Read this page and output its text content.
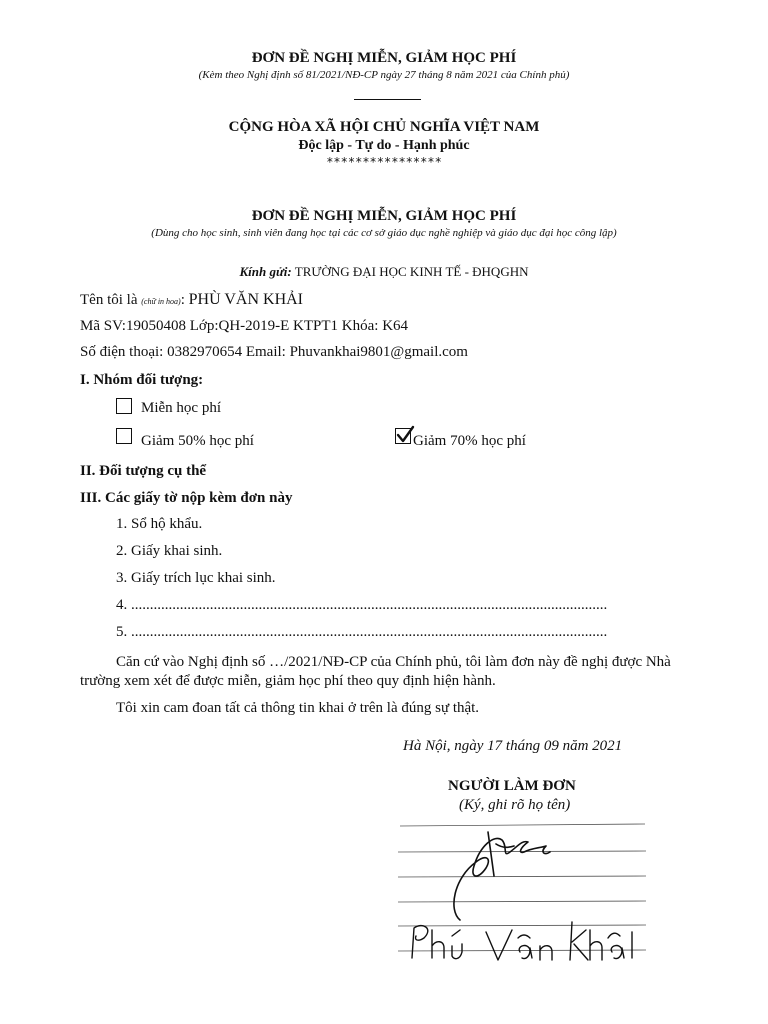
ĐƠN ĐỀ NGHỊ MIỄN, GIẢM HỌC PHÍ
(Kèm theo Nghị định số 81/2021/NĐ-CP ngày 27 tháng 8 năm 2021 của Chính phủ)
CỘNG HÒA XÃ HỘI CHỦ NGHĨA VIỆT NAM
Độc lập - Tự do - Hạnh phúc
****************
ĐƠN ĐỀ NGHỊ MIỄN, GIẢM HỌC PHÍ
(Dùng cho học sinh, sinh viên đang học tại các cơ sở giáo dục nghề nghiệp và giáo dục đại học công lập)
Kính gửi: TRƯỜNG ĐẠI HỌC KINH TẾ - ĐHQGHN
Tên tôi là (chữ in hoa): PHÙ VĂN KHẢI
Mã SV:19050408 Lớp:QH-2019-E KTPT1 Khóa: K64
Số điện thoại: 0382970654 Email: Phuvankhai9801@gmail.com
I. Nhóm đối tượng:
Miễn học phí
Giảm 50% học phí	Giảm 70% học phí
II. Đối tượng cụ thể
III. Các giấy tờ nộp kèm đơn này
1. Sổ hộ khẩu.
2. Giấy khai sinh.
3. Giấy trích lục khai sinh.
4. ...............................................................................................................................
5. ...............................................................................................................................
Căn cứ vào Nghị định số …/2021/NĐ-CP của Chính phủ, tôi làm đơn này đề nghị được Nhà trường xem xét để được miễn, giảm học phí theo quy định hiện hành.
Tôi xin cam đoan tất cả thông tin khai ở trên là đúng sự thật.
Hà Nội, ngày 17 tháng 09 năm 2021
NGƯỜI LÀM ĐƠN
(Ký, ghi rõ họ tên)
